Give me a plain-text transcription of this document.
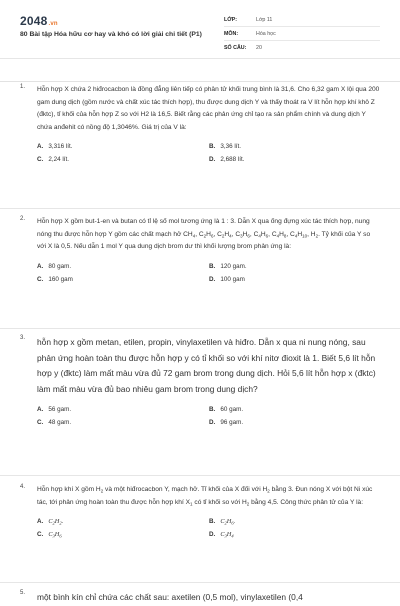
2048.vn
80 Bài tập Hóa hữu cơ hay và khó có lời giải chi tiết (P1)
LỚP:	Lớp 11
MÔN:	Hóa học
SỐ CÂU:	20
1. Hỗn hợp X chứa 2 hiđrocacbon là đồng đẳng liên tiếp có phân tử khối trung bình là 31,6. Cho 6,32 gam X lội qua 200 gam dung dịch (gồm nước và chất xúc tác thích hợp), thu được dung dịch Y và thấy thoát ra V lít hỗn hợp khí khô Z (đktc), tỉ khối của hỗn hợp Z so với H2 là 16,5. Biết rằng các phản ứng chỉ tạo ra sản phẩm chính và dung dịch Y chứa anđehit có nồng độ 1,3046%. Giá trị của V là:
A. 3,316 lít.	B. 3,36 lít.
C. 2,24 lít.	D. 2,688 lít.
2. Hỗn hợp X gồm but-1-en và butan có tỉ lệ số mol tương ứng là 1 : 3. Dẫn X qua ống đựng xúc tác thích hợp, nung nóng thu được hỗn hợp Y gồm các chất mạch hở $CH_4$, $C_2H_6$, $C_2H_4$, $C_3H_6$, $C_4H_6$, $C_4H_8$, $C_4H_{10}$, $H_2$. Tỷ khối của Y so với X là 0,5. Nếu dẫn 1 mol Y qua dung dịch brom dư thì khối lượng brom phản ứng là:
A. 80 gam.	B. 120 gam.
C. 160 gam	D. 100 gam
3. hỗn hợp x gồm metan, etilen, propin, vinylaxetilen và hiđro. Dẫn x qua ni nung nóng, sau phản ứng hoàn toàn thu được hỗn hợp y có tỉ khối so với khí nitơ đioxit là 1. Biết 5,6 lít hỗn hợp y (đktc) làm mất màu vừa đủ 72 gam brom trong dung dịch. Hỏi 5,6 lít hỗn hợp x (đktc) làm mất màu vừa đủ bao nhiêu gam brom trong dung dịch?
A. 56 gam.	B. 60 gam.
C. 48 gam.	D. 96 gam.
4. Hỗn hợp khí X gồm $H_2$ và một hiđrocacbon Y, mạch hở. Tỉ khối của X đối với $H_2$ bằng 3. Đun nóng X với bột Ni xúc tác, tới phản ứng hoàn toàn thu được hỗn hợp khí $X_1$ có tỉ khối so với $H_2$ bằng 4,5. Công thức phân tử của Y là:
A. $C_2H_2$.	B. $C_2H_6$.
C. $C_3H_6$	D. $C_3H_4$
5. một bình kín chỉ chứa các chất sau: axetilen (0,5 mol), vinylaxetilen (0,4
